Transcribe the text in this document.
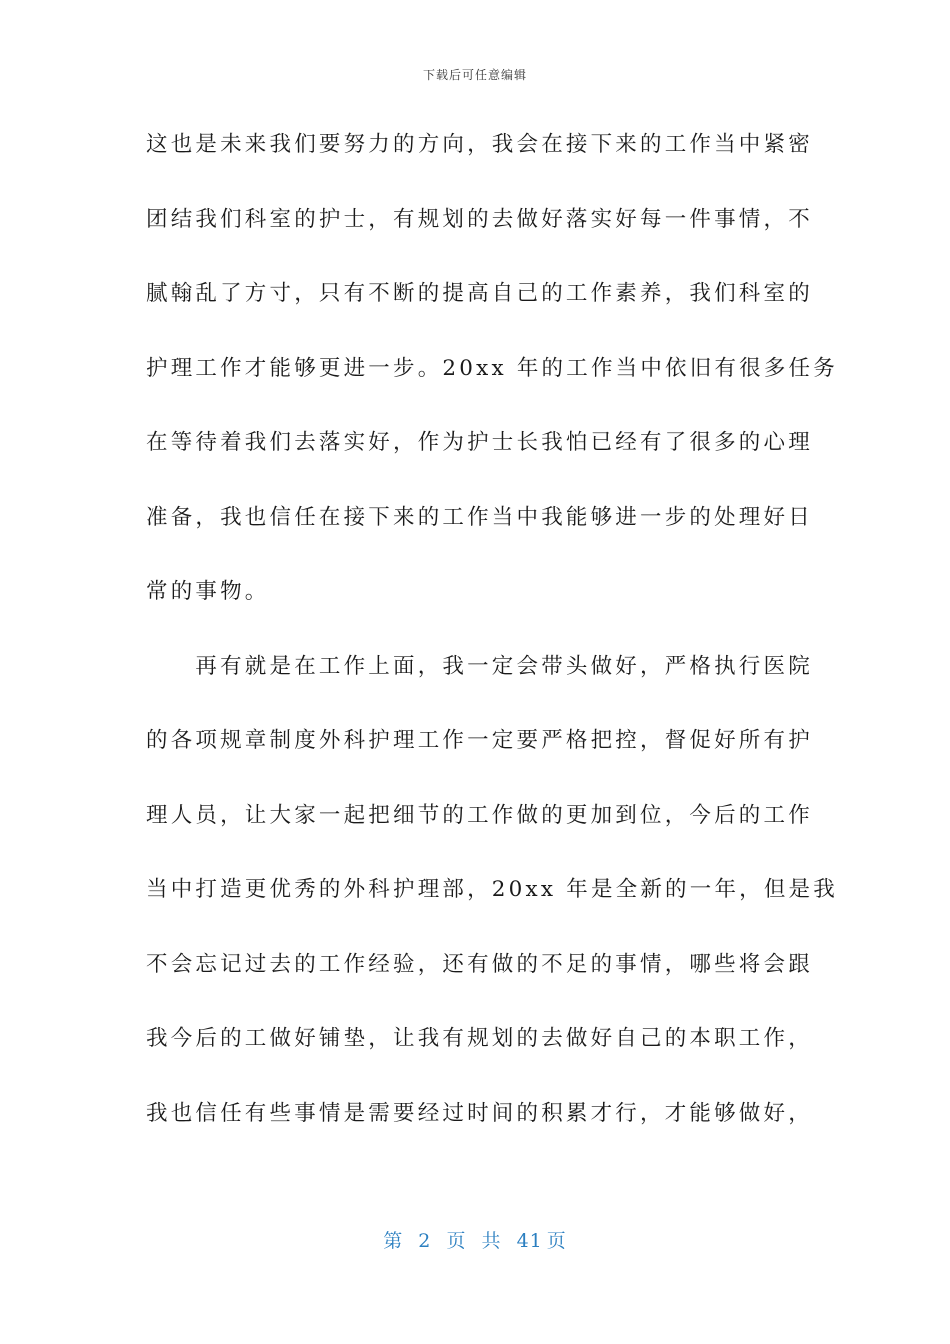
下载后可任意编辑
这也是未来我们要努力的方向，我会在接下来的工作当中紧密
团结我们科室的护士，有规划的去做好落实好每一件事情，不
腻翰乱了方寸，只有不断的提高自己的工作素养，我们科室的
护理工作才能够更进一步。20xx 年的工作当中依旧有很多任务
在等待着我们去落实好，作为护士长我怕已经有了很多的心理
准备，我也信任在接下来的工作当中我能够进一步的处理好日
常的事物。
　　再有就是在工作上面，我一定会带头做好，严格执行医院
的各项规章制度外科护理工作一定要严格把控，督促好所有护
理人员，让大家一起把细节的工作做的更加到位，今后的工作
当中打造更优秀的外科护理部，20xx 年是全新的一年，但是我
不会忘记过去的工作经验，还有做的不足的事情，哪些将会跟
我今后的工做好铺垫，让我有规划的去做好自己的本职工作，
我也信任有些事情是需要经过时间的积累才行，才能够做好，
第 2 页 共 41 页
